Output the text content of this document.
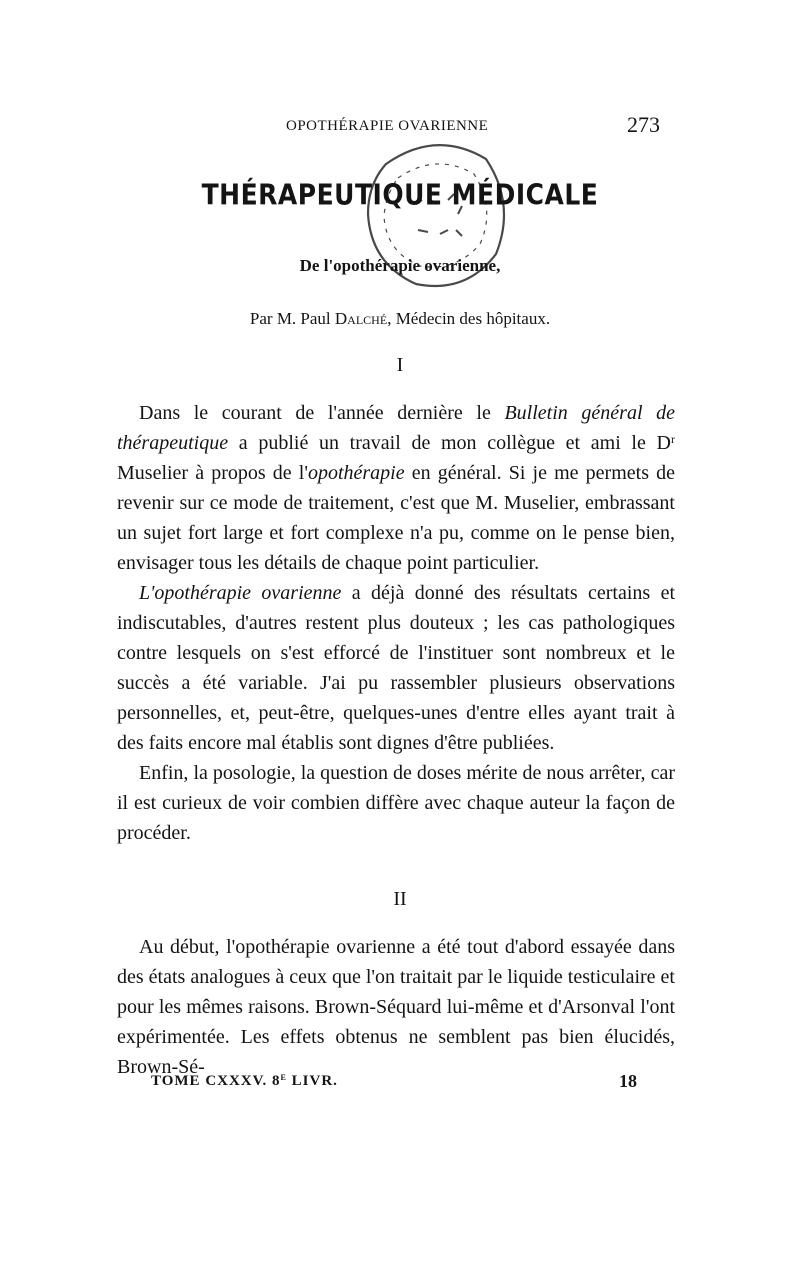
OPOTHÉRAPIE OVARIENNE	273
THÉRAPEUTIQUE MÉDICALE
De l'opothérapie ovarienne,
Par M. Paul Dalché, Médecin des hôpitaux.
I

Dans le courant de l'année dernière le Bulletin général de thérapeutique a publié un travail de mon collègue et ami le $D^r$ Muselier à propos de l'opothérapie en général. Si je me permets de revenir sur ce mode de traitement, c'est que M. Muselier, embrassant un sujet fort large et fort complexe n'a pu, comme on le pense bien, envisager tous les détails de chaque point particulier.

L'opothérapie ovarienne a déjà donné des résultats certains et indiscutables, d'autres restent plus douteux ; les cas pathologiques contre lesquels on s'est efforcé de l'instituer sont nombreux et le succès a été variable. J'ai pu rassembler plusieurs observations personnelles, et, peut-être, quelques-unes d'entre elles ayant trait à des faits encore mal établis sont dignes d'être publiées.

Enfin, la posologie, la question de doses mérite de nous arrêter, car il est curieux de voir combien diffère avec chaque auteur la façon de procéder.

II

Au début, l'opothérapie ovarienne a été tout d'abord essayée dans des états analogues à ceux que l'on traitait par le liquide testiculaire et pour les mêmes raisons. Brown-Séquard lui-même et d'Arsonval l'ont expérimentée. Les effets obtenus ne semblent pas bien élucidés, Brown-Sé-

TOME CXXXV. 8e LIVR.	18
